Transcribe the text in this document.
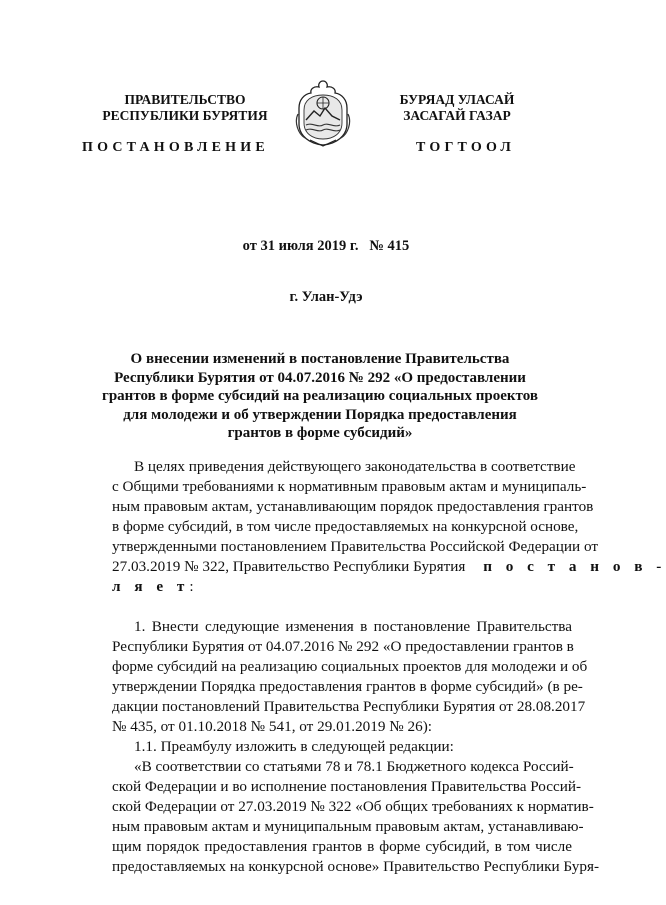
ПРАВИТЕЛЬСТВО
РЕСПУБЛИКИ БУРЯТИЯ
БУРЯАД УЛАСАЙ
ЗАСАГАЙ ГАЗАР
ПОСТАНОВЛЕНИЕ	ТОГТООЛ
от 31 июля 2019 г.   № 415
г. Улан-Удэ
О внесении изменений в постановление Правительства
Республики Бурятия от 04.07.2016 № 292 «О предоставлении
грантов в форме субсидий на реализацию социальных проектов
для молодежи и об утверждении Порядка предоставления
грантов в форме субсидий»
В целях приведения действующего законодательства в соответствие
с Общими требованиями к нормативным правовым актам и муниципаль-
ным правовым актам, устанавливающим порядок предоставления грантов
в форме субсидий, в том числе предоставляемых на конкурсной основе,
утвержденными постановлением Правительства Российской Федерации от
27.03.2019 № 322, Правительство Республики Бурятия п о с т а н о в -
л я е т:
1. Внести следующие изменения в постановление Правительства
Республики Бурятия от 04.07.2016 № 292 «О предоставлении грантов в
форме субсидий на реализацию социальных проектов для молодежи и об
утверждении Порядка предоставления грантов в форме субсидий» (в ре-
дакции постановлений Правительства Республики Бурятия от 28.08.2017
№ 435, от 01.10.2018 № 541, от 29.01.2019 № 26):
1.1. Преамбулу изложить в следующей редакции:
«В соответствии со статьями 78 и 78.1 Бюджетного кодекса Россий-
ской Федерации и во исполнение постановления Правительства Россий-
ской Федерации от 27.03.2019 № 322 «Об общих требованиях к норматив-
ным правовым актам и муниципальным правовым актам, устанавливаю-
щим порядок предоставления грантов в форме субсидий, в том числе
предоставляемых на конкурсной основе» Правительство Республики Буря-
